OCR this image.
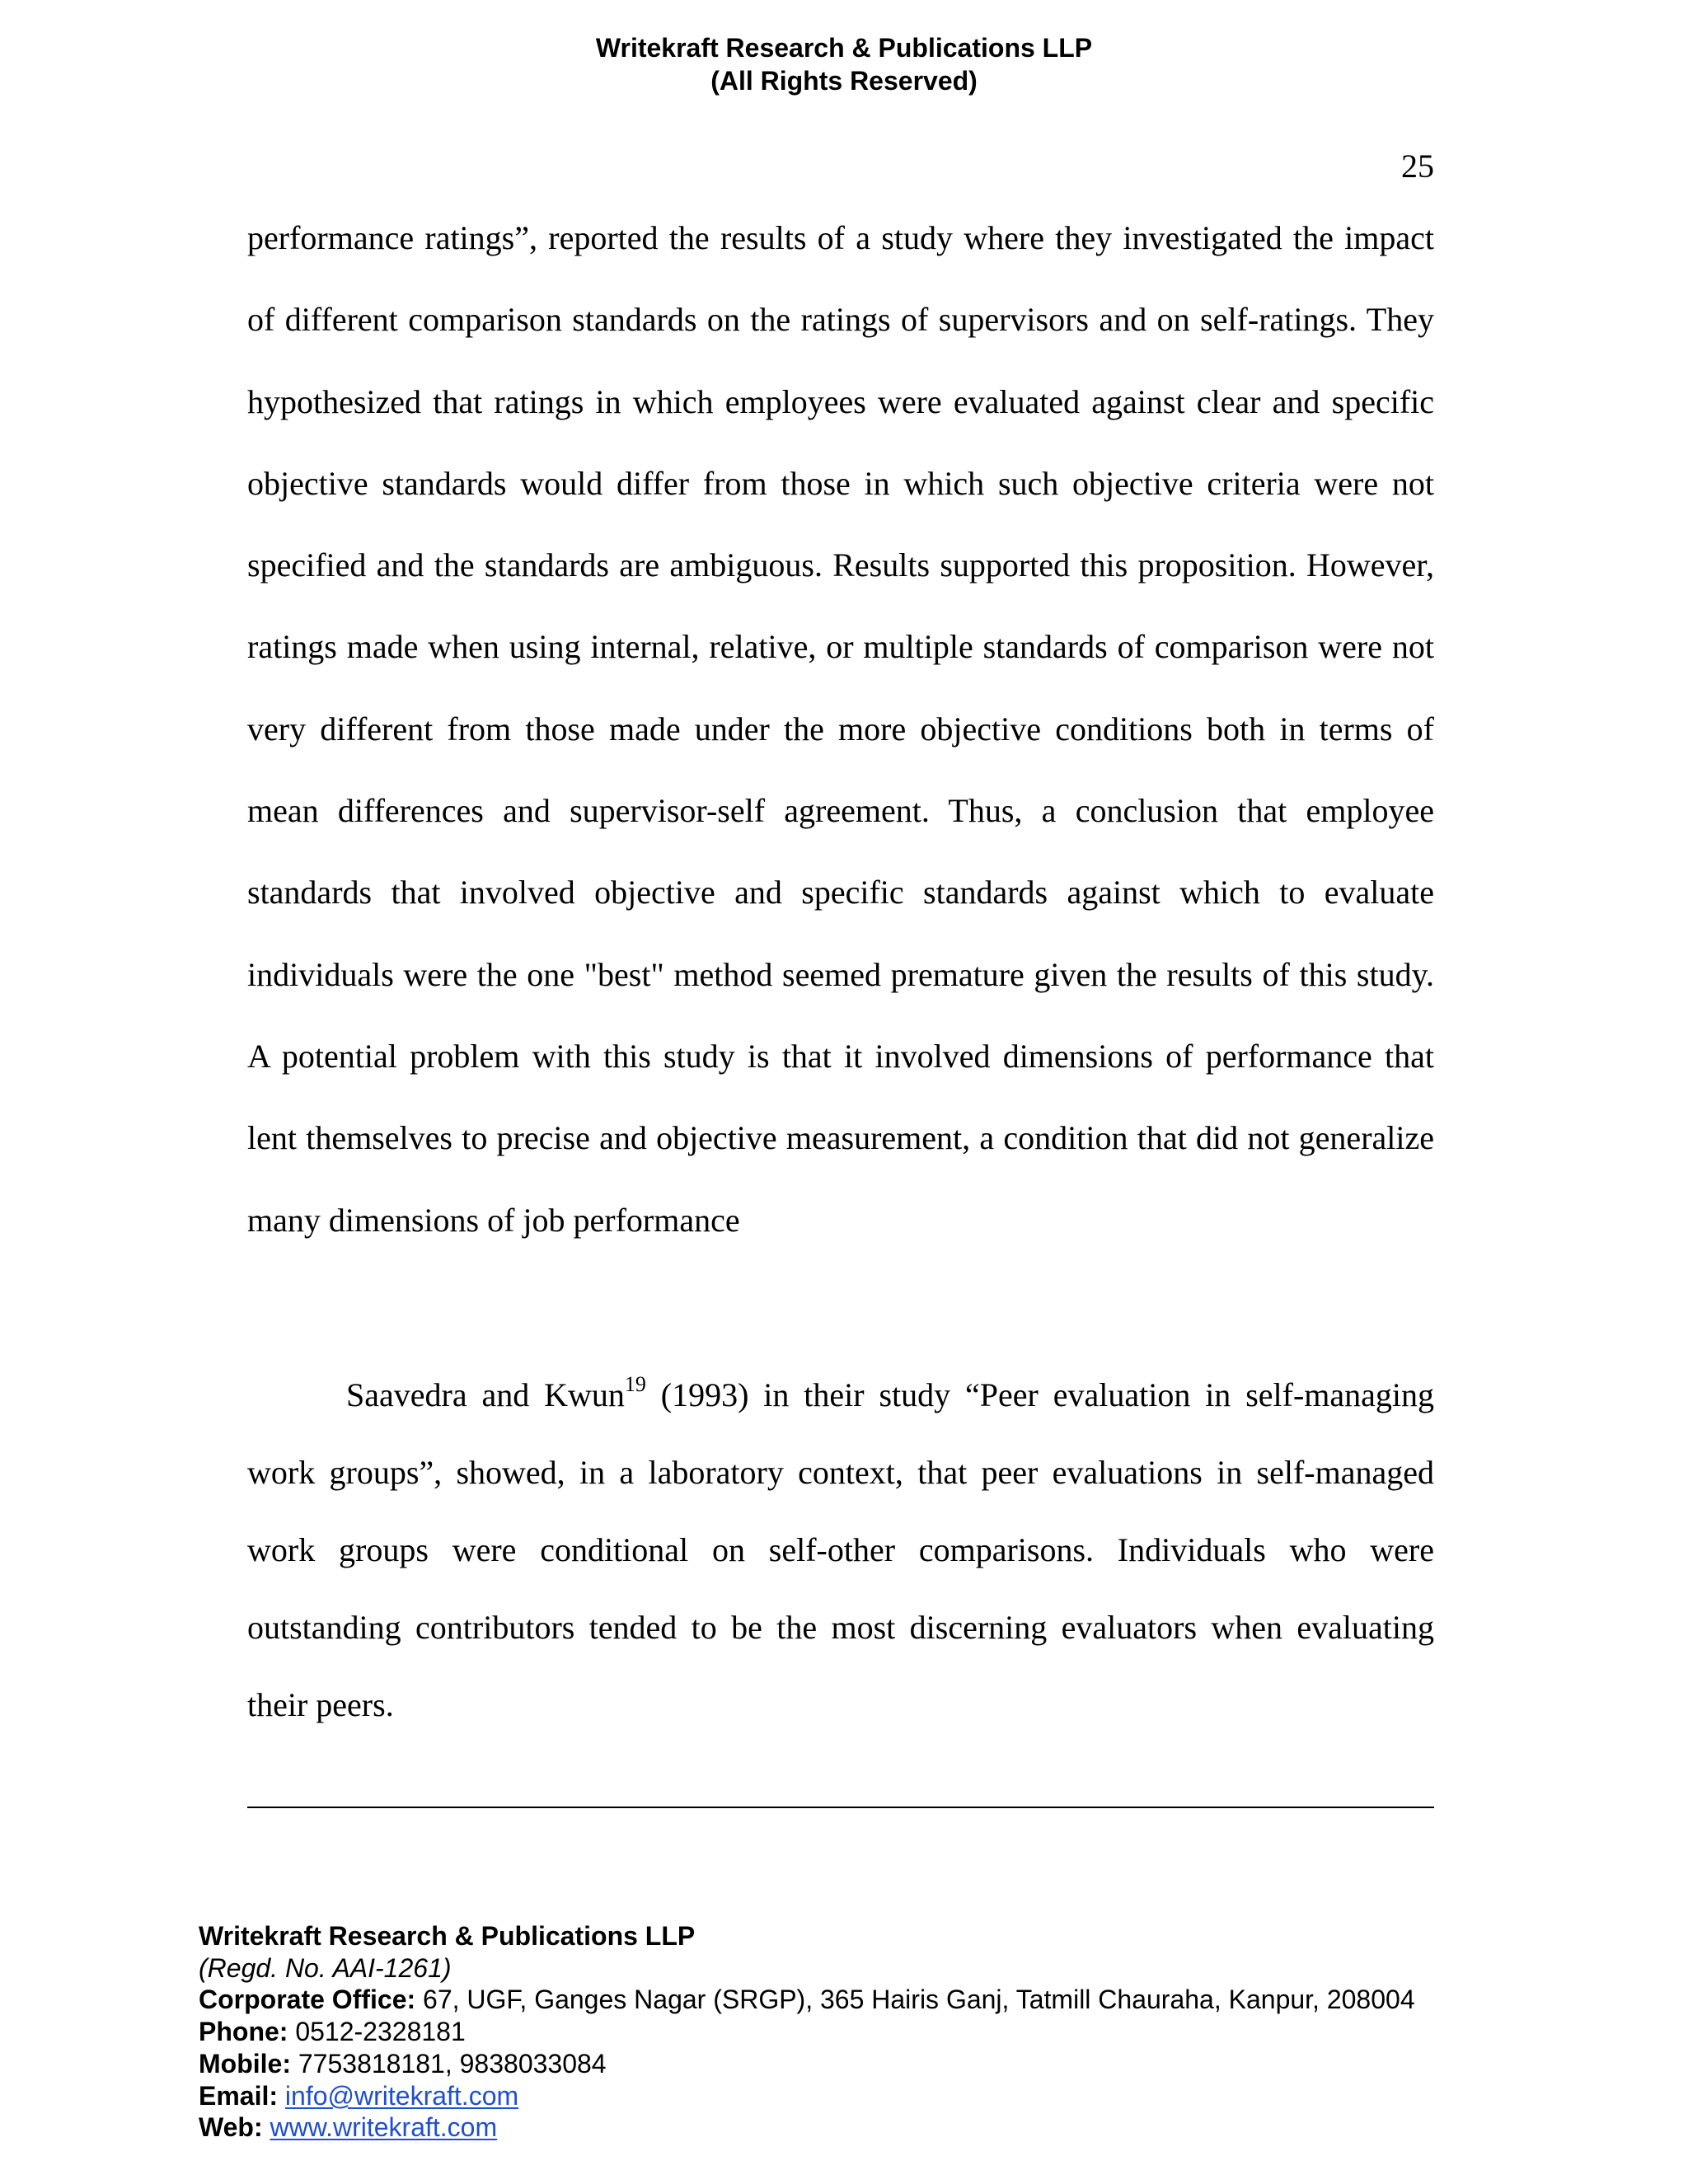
Writekraft Research & Publications LLP
(All Rights Reserved)
25

performance ratings”, reported the results of a study where they investigated the impact of different comparison standards on the ratings of supervisors and on self-ratings. They hypothesized that ratings in which employees were evaluated against clear and specific objective standards would differ from those in which such objective criteria were not specified and the standards are ambiguous. Results supported this proposition. However, ratings made when using internal, relative, or multiple standards of comparison were not very different from those made under the more objective conditions both in terms of mean differences and supervisor-self agreement. Thus, a conclusion that employee standards that involved objective and specific standards against which to evaluate individuals were the one "best" method seemed premature given the results of this study. A potential problem with this study is that it involved dimensions of performance that lent themselves to precise and objective measurement, a condition that did not generalize many dimensions of job performance

Saavedra and Kwun$^{19}$ (1993) in their study “Peer evaluation in self-managing work groups”, showed, in a laboratory context, that peer evaluations in self-managed work groups were conditional on self-other comparisons. Individuals who were outstanding contributors tended to be the most discerning evaluators when evaluating their peers.

Writekraft Research & Publications LLP
(Regd. No. AAI-1261)
Corporate Office: 67, UGF, Ganges Nagar (SRGP), 365 Hairis Ganj, Tatmill Chauraha, Kanpur, 208004
Phone: 0512-2328181
Mobile: 7753818181, 9838033084
Email: info@writekraft.com
Web: www.writekraft.com
